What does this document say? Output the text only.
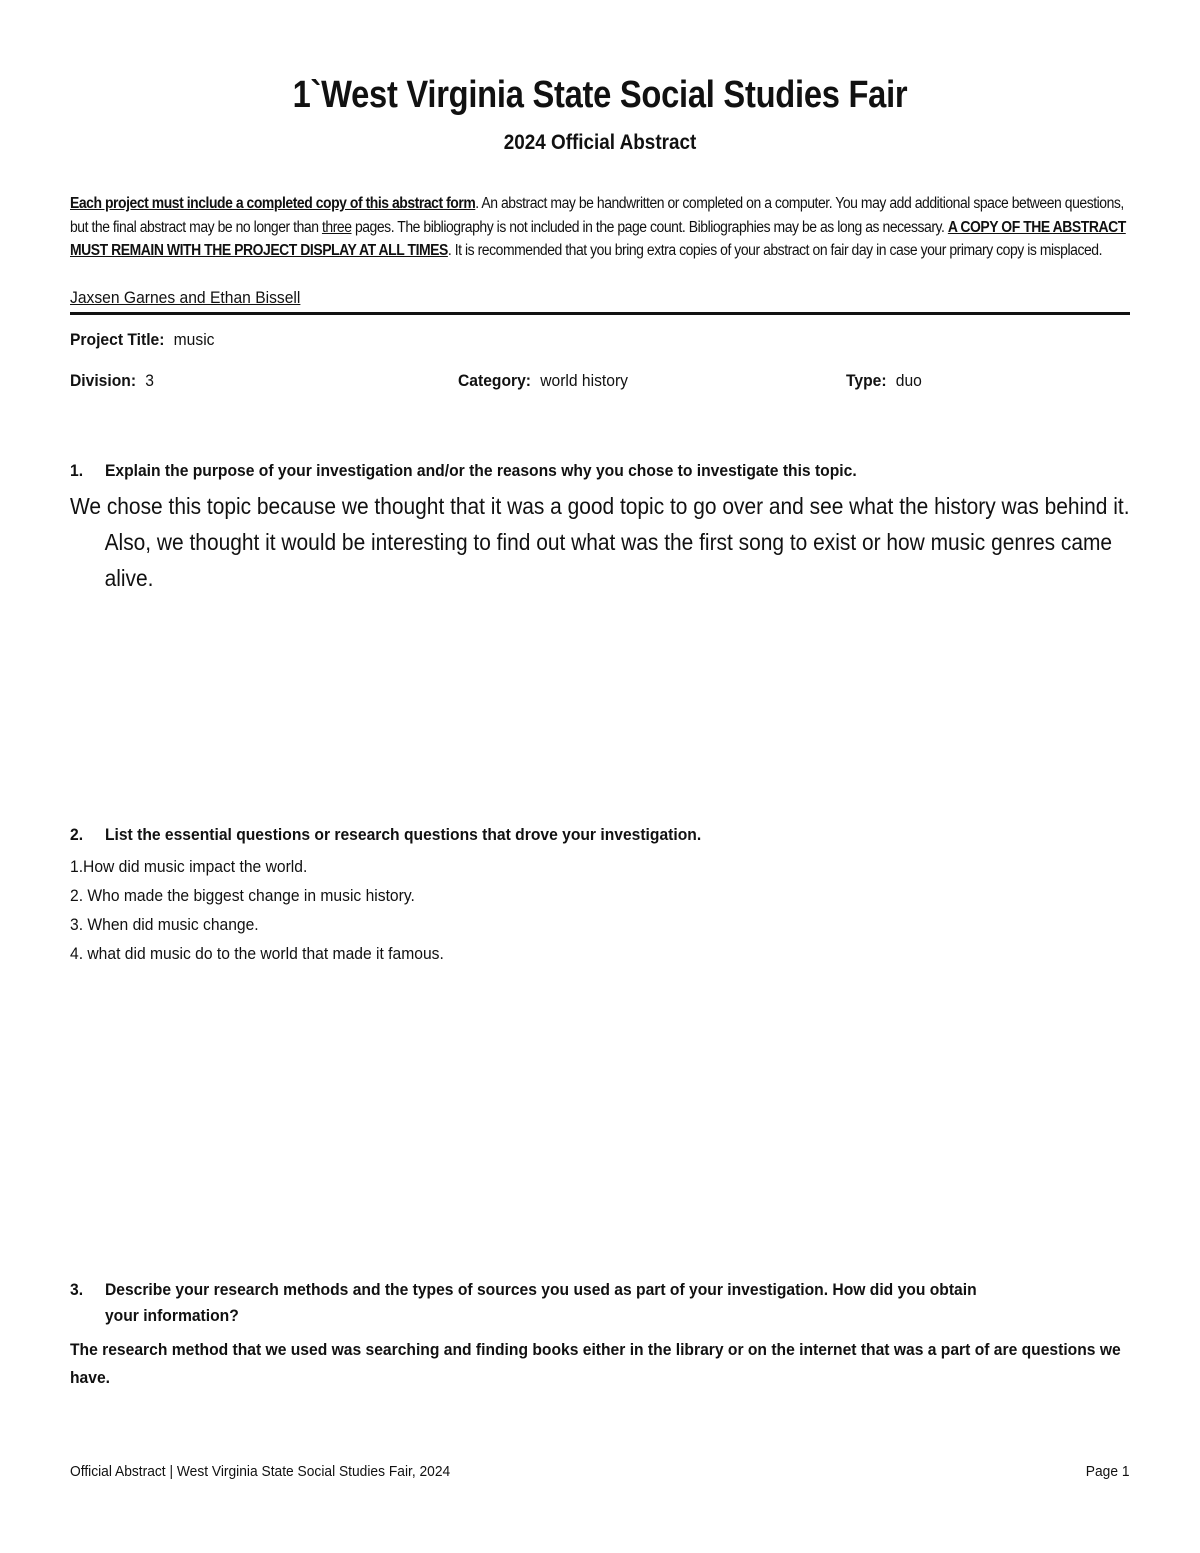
1`West Virginia State Social Studies Fair
2024 Official Abstract
Each project must include a completed copy of this abstract form. An abstract may be handwritten or completed on a computer. You may add additional space between questions, but the final abstract may be no longer than three pages. The bibliography is not included in the page count. Bibliographies may be as long as necessary. A COPY OF THE ABSTRACT MUST REMAIN WITH THE PROJECT DISPLAY AT ALL TIMES. It is recommended that you bring extra copies of your abstract on fair day in case your primary copy is misplaced.
Jaxsen Garnes and Ethan Bissell
Project Title: music
Division: 3	Category: world history	Type: duo
1. Explain the purpose of your investigation and/or the reasons why you chose to investigate this topic.
We chose this topic because we thought that it was a good topic to go over and see what the history was behind it. Also, we thought it would be interesting to find out what was the first song to exist or how music genres came alive.
2. List the essential questions or research questions that drove your investigation.
1.How did music impact the world.
2. Who made the biggest change in music history.
3. When did music change.
4. what did music do to the world that made it famous.
3. Describe your research methods and the types of sources you used as part of your investigation. How did you obtain
your information?
The research method that we used was searching and finding books either in the library or on the internet that was a part of are questions we have.
Official Abstract | West Virginia State Social Studies Fair, 2024	Page 1
